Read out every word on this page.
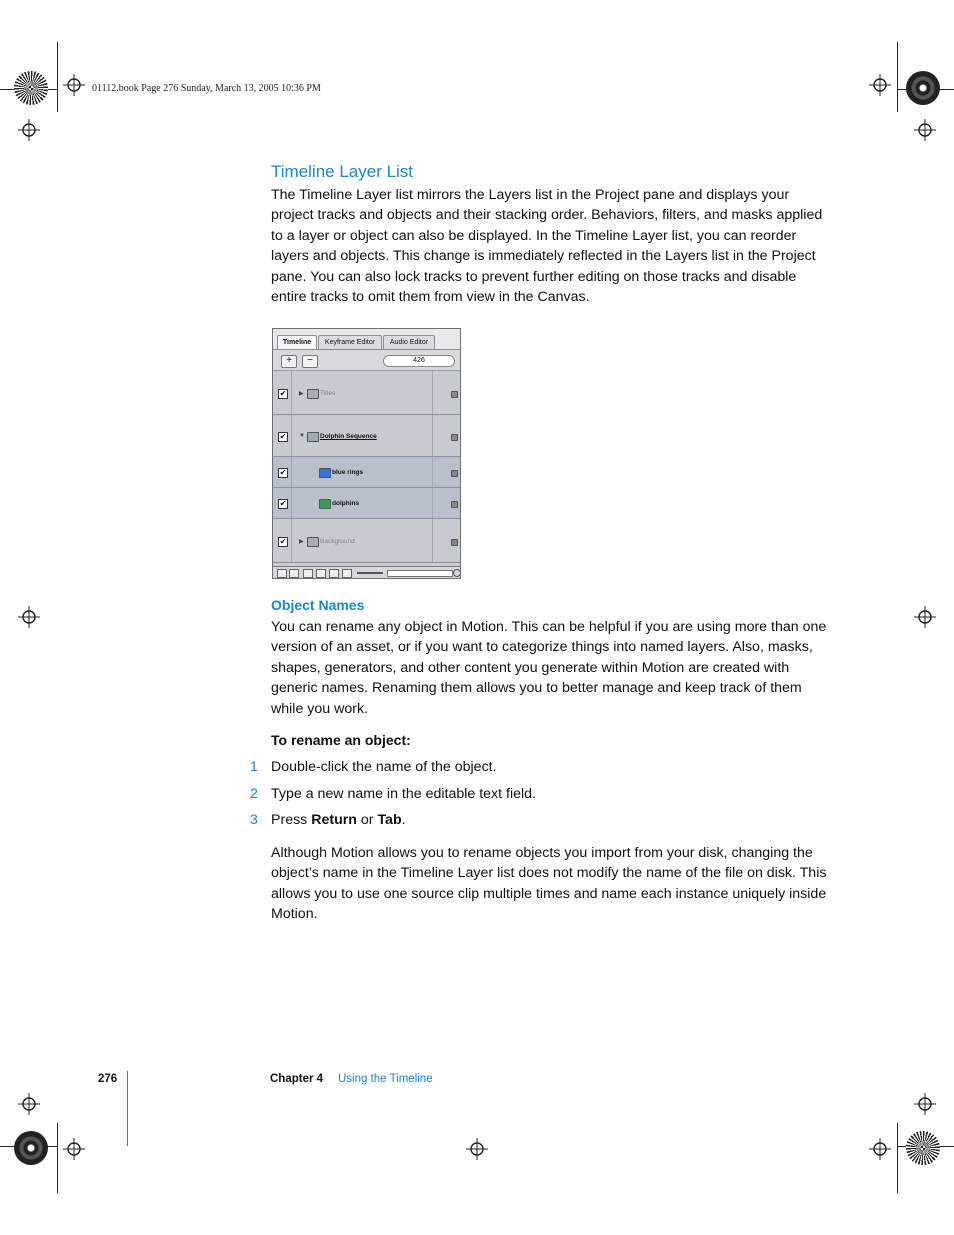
01112.book Page 276 Sunday, March 13, 2005 10:36 PM
Timeline Layer List
The Timeline Layer list mirrors the Layers list in the Project pane and displays your project tracks and objects and their stacking order. Behaviors, filters, and masks applied to a layer or object can also be displayed. In the Timeline Layer list, you can reorder layers and objects. This change is immediately reflected in the Layers list in the Project pane. You can also lock tracks to prevent further editing on those tracks and disable entire tracks to omit them from view in the Canvas.
Timeline	Keyframe Editor	Audio Editor
+	−	426
✔ ▶	Titles
✔ ▼ Dolphin Sequence
✔	blue rings
✔	dolphins
✔ ▶	Background
Object Names
You can rename any object in Motion. This can be helpful if you are using more than one version of an asset, or if you want to categorize things into named layers. Also, masks, shapes, generators, and other content you generate within Motion are created with generic names. Renaming them allows you to better manage and keep track of them while you work.
To rename an object:
1 Double-click the name of the object.
2 Type a new name in the editable text field.
3 Press Return or Tab.
Although Motion allows you to rename objects you import from your disk, changing the object’s name in the Timeline Layer list does not modify the name of the file on disk. This allows you to use one source clip multiple times and name each instance uniquely inside Motion.
276	Chapter 4 Using the Timeline
